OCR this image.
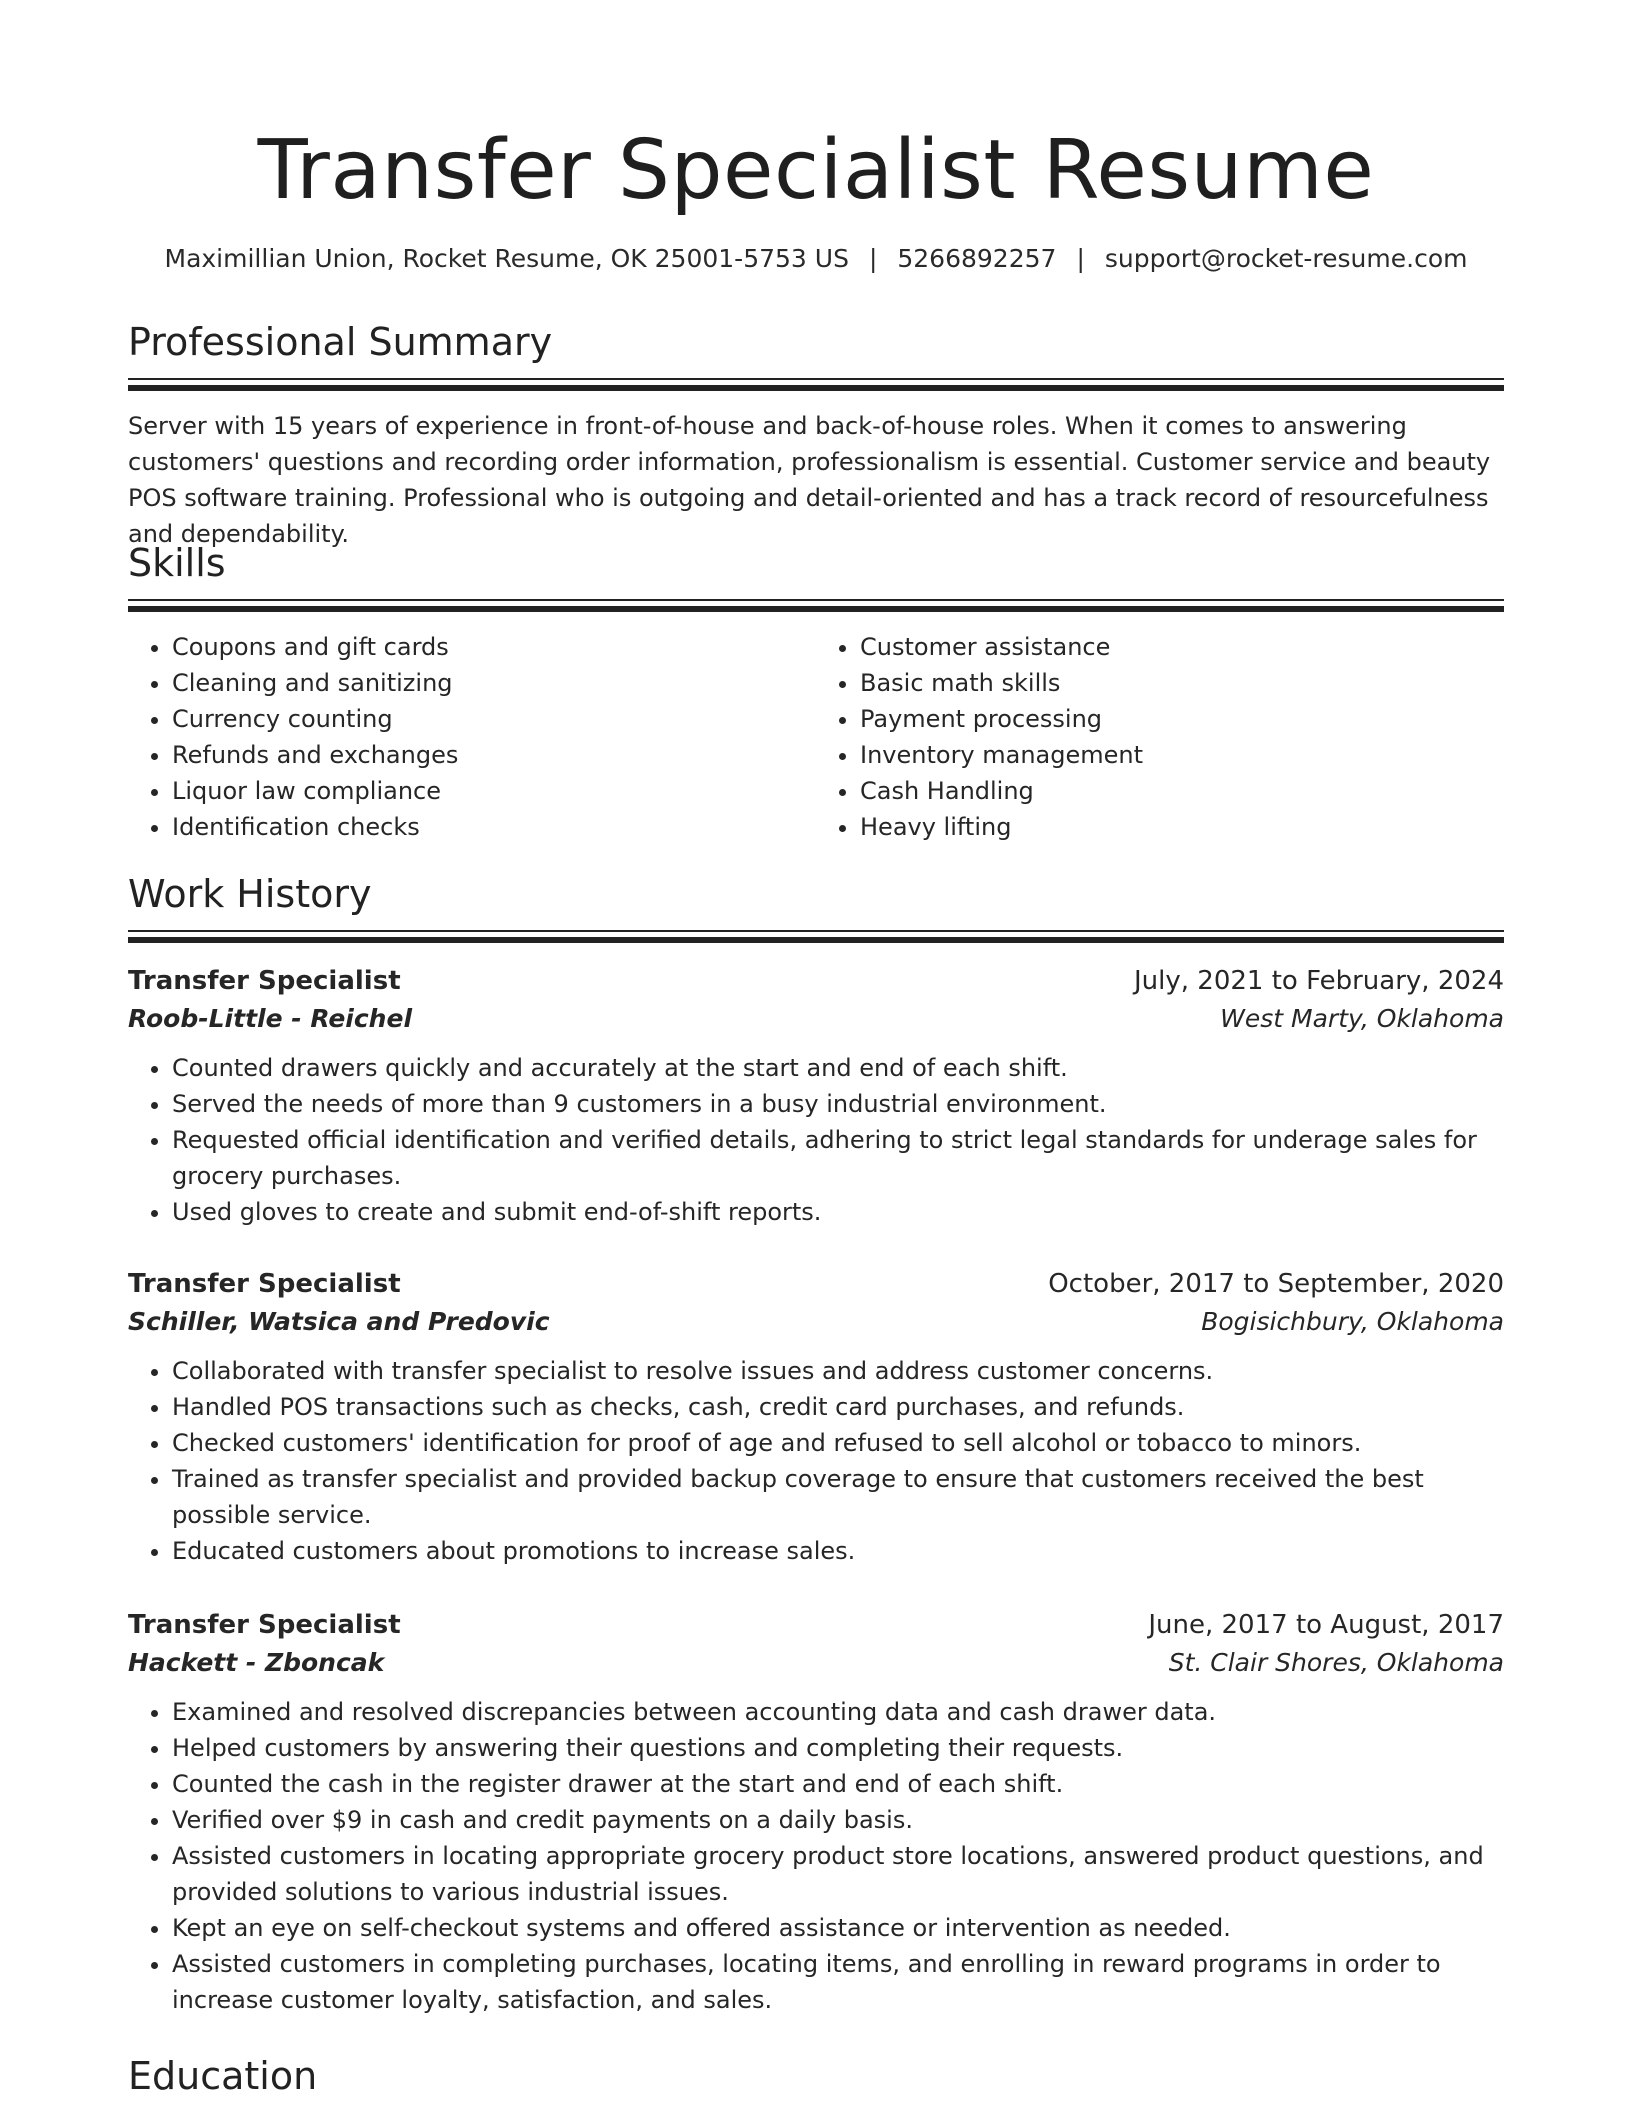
Transfer Specialist Resume
Maximillian Union, Rocket Resume, OK 25001-5753 US | 5266892257 | support@rocket-resume.com
Professional Summary
Server with 15 years of experience in front-of-house and back-of-house roles. When it comes to answering customers' questions and recording order information, professionalism is essential. Customer service and beauty POS software training. Professional who is outgoing and detail-oriented and has a track record of resourcefulness and dependability.
Skills
• Coupons and gift cards
• Cleaning and sanitizing
• Currency counting
• Refunds and exchanges
• Liquor law compliance
• Identification checks
• Customer assistance
• Basic math skills
• Payment processing
• Inventory management
• Cash Handling
• Heavy lifting
Work History
Transfer Specialist	July, 2021 to February, 2024
Roob-Little - Reichel	West Marty, Oklahoma
• Counted drawers quickly and accurately at the start and end of each shift.
• Served the needs of more than 9 customers in a busy industrial environment.
• Requested official identification and verified details, adhering to strict legal standards for underage sales for grocery purchases.
• Used gloves to create and submit end-of-shift reports.
Transfer Specialist	October, 2017 to September, 2020
Schiller, Watsica and Predovic	Bogisichbury, Oklahoma
• Collaborated with transfer specialist to resolve issues and address customer concerns.
• Handled POS transactions such as checks, cash, credit card purchases, and refunds.
• Checked customers' identification for proof of age and refused to sell alcohol or tobacco to minors.
• Trained as transfer specialist and provided backup coverage to ensure that customers received the best possible service.
• Educated customers about promotions to increase sales.
Transfer Specialist	June, 2017 to August, 2017
Hackett - Zboncak	St. Clair Shores, Oklahoma
• Examined and resolved discrepancies between accounting data and cash drawer data.
• Helped customers by answering their questions and completing their requests.
• Counted the cash in the register drawer at the start and end of each shift.
• Verified over $9 in cash and credit payments on a daily basis.
• Assisted customers in locating appropriate grocery product store locations, answered product questions, and provided solutions to various industrial issues.
• Kept an eye on self-checkout systems and offered assistance or intervention as needed.
• Assisted customers in completing purchases, locating items, and enrolling in reward programs in order to increase customer loyalty, satisfaction, and sales.
Education
